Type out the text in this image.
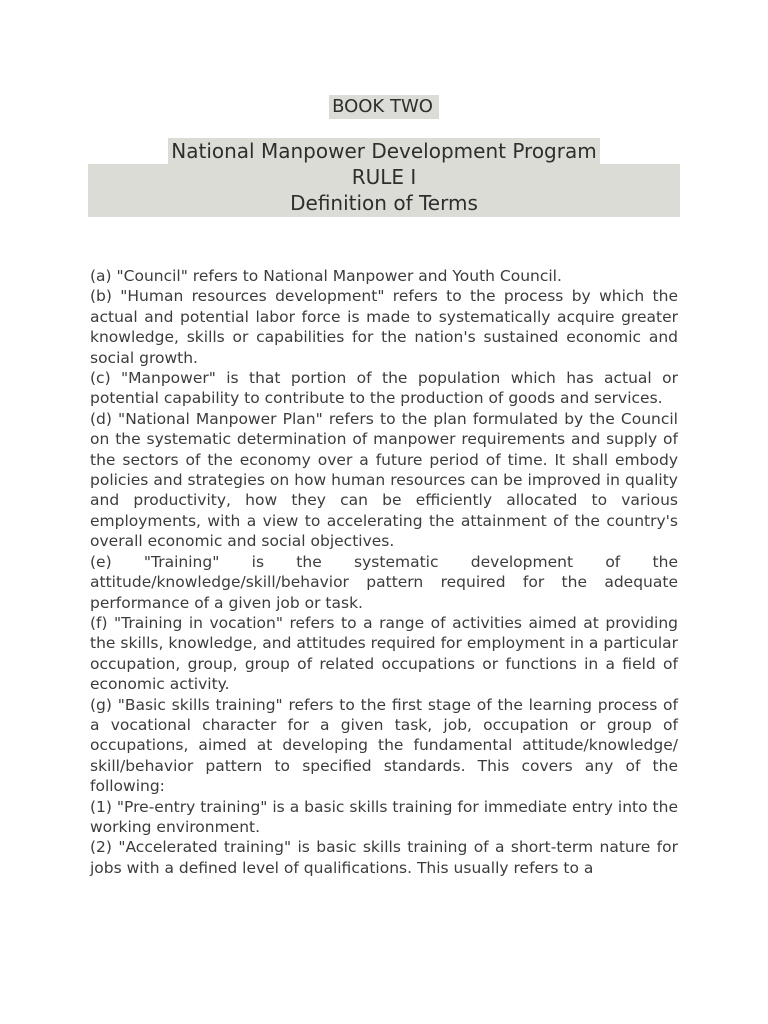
BOOK TWO
National Manpower Development Program
RULE I
Definition of Terms

(a) "Council" refers to National Manpower and Youth Council.

(b) "Human resources development" refers to the process by which the actual and potential labor force is made to systematically acquire greater knowledge, skills or capabilities for the nation's sustained economic and social growth.

(c) "Manpower" is that portion of the population which has actual or potential capability to contribute to the production of goods and services.

(d) "National Manpower Plan" refers to the plan formulated by the Council on the systematic determination of manpower requirements and supply of the sectors of the economy over a future period of time. It shall embody policies and strategies on how human resources can be improved in quality and productivity, how they can be efficiently allocated to various employments, with a view to accelerating the attainment of the country's overall economic and social objectives.

(e) "Training" is the systematic development of the attitude/knowledge/skill/behavior pattern required for the adequate performance of a given job or task.

(f) "Training in vocation" refers to a range of activities aimed at providing the skills, knowledge, and attitudes required for employment in a particular occupation, group, group of related occupations or functions in a field of economic activity.

(g) "Basic skills training" refers to the first stage of the learning process of a vocational character for a given task, job, occupation or group of occupations, aimed at developing the fundamental attitude/knowledge/ skill/behavior pattern to specified standards. This covers any of the following:

(1) "Pre-entry training" is a basic skills training for immediate entry into the working environment.

(2) "Accelerated training" is basic skills training of a short-term nature for jobs with a defined level of qualifications. This usually refers to a
